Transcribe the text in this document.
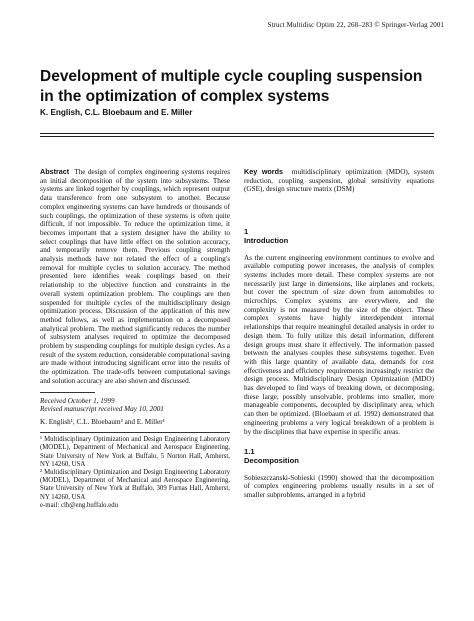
Struct Multidisc Optim 22, 268–283 © Springer-Verlag 2001
Development of multiple cycle coupling suspension in the optimization of complex systems
K. English, C.L. Bloebaum and E. Miller

Abstract The design of complex engineering systems requires an initial decomposition of the system into subsystems. These systems are linked together by couplings, which represent output data transference from one subsystem to another. Because complex engineering systems can have hundreds or thousands of such couplings, the optimization of these systems is often quite difficult, if not impossible. To reduce the optimization time, it becomes important that a system designer have the ability to select couplings that have little effect on the solution accuracy, and temporarily remove them. Previous coupling strength analysis methods have not related the effect of a coupling's removal for multiple cycles to solution accuracy. The method presented here identifies weak couplings based on their relationship to the objective function and constraints in the overall system optimization problem. The couplings are then suspended for multiple cycles of the multidisciplinary design optimization process. Discussion of the application of this new method follows, as well as implementation on a decomposed analytical problem. The method significantly reduces the number of subsystem analyses required to optimize the decomposed problem by suspending couplings for multiple design cycles. As a result of the system reduction, considerable computational saving are made without introducing significant error into the results of the optimization. The trade-offs between computational savings and solution accuracy are also shown and discussed.

Received October 1, 1999

Revised manuscript received May 10, 2001

K. English¹, C.L. Bloebaum² and E. Miller¹

¹ Multidisciplinary Optimization and Design Engineering Laboratory (MODEL), Department of Mechanical and Aerospace Engineering, State University of New York at Buffalo, 5 Norton Hall, Amherst, NY 14260, USA

² Multidisciplinary Optimization and Design Engineering Laboratory (MODEL), Department of Mechanical and Aerospace Engineering, State University of New York at Buffalo, 309 Furnas Hall, Amherst, NY 14260, USA

e-mail: clb@eng.buffalo.edu

Key words multidisciplinary optimization (MDO), system reduction, coupling suspension, global sensitivity equations (GSE), design structure matrix (DSM)

1

Introduction

As the current engineering environment continues to evolve and available computing power increases, the analysis of complex systems includes more detail. These complex systems are not necessarily just large in dimensions, like airplanes and rockets, but cover the spectrum of size down from automobiles to microchips. Complex systems are everywhere, and the complexity is not measured by the size of the object. These complex systems have highly interdependent internal relationships that require meaningful detailed analysis in order to design them. To fully utilize this detail information, different design groups must share it effectively. The information passed between the analyses couples these subsystems together. Even with this large quantity of available data, demands for cost effectiveness and efficiency requirements increasingly restrict the design process. Multidisciplinary Design Optimization (MDO) has developed to find ways of breaking down, or decomposing, these large, possibly unsolvable, problems into smaller, more manageable components, decoupled by disciplinary area, which can then be optimized. (Bloebaum et al. 1992) demonstrated that engineering problems a very logical breakdown of a problem is by the disciplines that have expertise in specific areas.

1.1

Decomposition

Sobieszczanski-Sobieski (1990) showed that the decomposition of complex engineering problems usually results in a set of smaller subproblems, arranged in a hybrid
